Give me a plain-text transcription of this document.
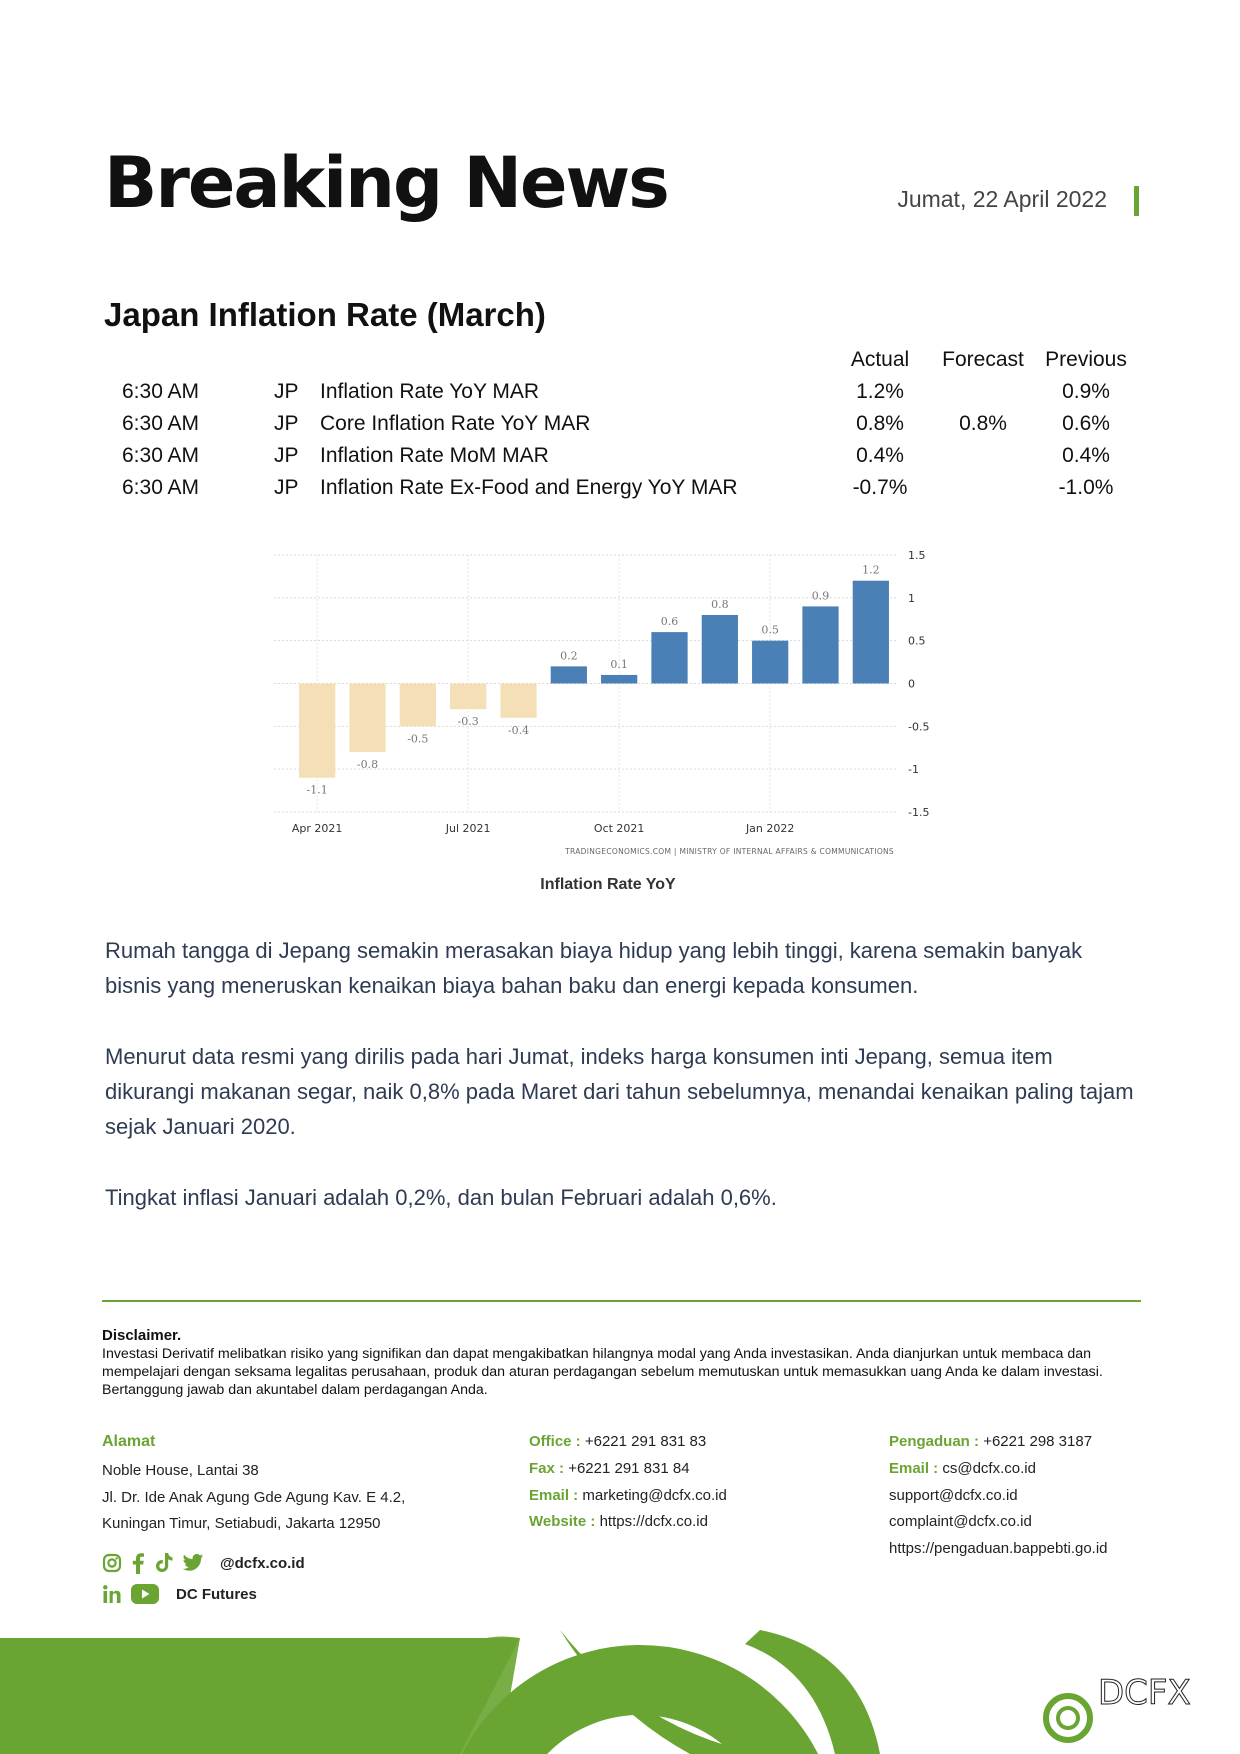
Breaking News	Jumat, 22 April 2022
Japan Inflation Rate (March)
			Actual	Forecast	Previous
6:30 AM	JP	Inflation Rate YoY MAR	1.2%		0.9%
6:30 AM	JP	Core Inflation Rate YoY MAR	0.8%	0.8%	0.6%
6:30 AM	JP	Inflation Rate MoM MAR	0.4%		0.4%
6:30 AM	JP	Inflation Rate Ex-Food and Energy YoY MAR	-0.7%		-1.0%
1.5
1
0.5
0
-0.5
-1
-1.5
Apr 2021	Jul 2021	Oct 2021	Jan 2022
-1.1
-0.8
-0.5
-0.3
-0.4
0.2
0.1
0.6
0.8
0.5
0.9
1.2
TRADINGECONOMICS.COM | MINISTRY OF INTERNAL AFFAIRS & COMMUNICATIONS
Inflation Rate YoY
Rumah tangga di Jepang semakin merasakan biaya hidup yang lebih tinggi, karena semakin banyak bisnis yang meneruskan kenaikan biaya bahan baku dan energi kepada konsumen.
Menurut data resmi yang dirilis pada hari Jumat, indeks harga konsumen inti Jepang, semua item dikurangi makanan segar, naik 0,8% pada Maret dari tahun sebelumnya, menandai kenaikan paling tajam sejak Januari 2020.
Tingkat inflasi Januari adalah 0,2%, dan bulan Februari adalah 0,6%.
Disclaimer.
Investasi Derivatif melibatkan risiko yang signifikan dan dapat mengakibatkan hilangnya modal yang Anda investasikan. Anda dianjurkan untuk membaca dan mempelajari dengan seksama legalitas perusahaan, produk dan aturan perdagangan sebelum memutuskan untuk memasukkan uang Anda ke dalam investasi. Bertanggung jawab dan akuntabel dalam perdagangan Anda.
Alamat
Noble House, Lantai 38
Jl. Dr. Ide Anak Agung Gde Agung Kav. E 4.2,
Kuningan Timur, Setiabudi, Jakarta 12950
Office : +6221 291 831 83
Fax : +6221 291 831 84
Email : marketing@dcfx.co.id
Website : https://dcfx.co.id
Pengaduan : +6221 298 3187
Email : cs@dcfx.co.id
support@dcfx.co.id
complaint@dcfx.co.id
https://pengaduan.bappebti.go.id
@dcfx.co.id
DC Futures
DCFX
